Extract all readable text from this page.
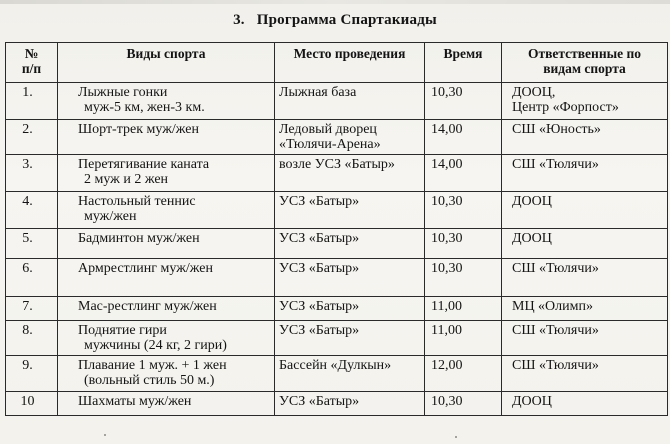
3. Программа Спартакиады
№
п/п	Виды спорта	Место проведения	Время	Ответственные по
видам спорта

1.	Лыжные гонки
муж-5 км, жен-3 км.	Лыжная база	10,30	ДООЦ,
Центр «Форпост»

2.	Шорт-трек муж/жен	Ледовый дворец
«Тюлячи-Арена»	14,00	СШ «Юность»

3.	Перетягивание каната
2 муж и 2 жен	возле УСЗ «Батыр»	14,00	СШ «Тюлячи»

4.	Настольный теннис
муж/жен	УСЗ «Батыр»	10,30	ДООЦ

5.	Бадминтон муж/жен	УСЗ «Батыр»	10,30	ДООЦ

6.	Армрестлинг муж/жен	УСЗ «Батыр»	10,30	СШ «Тюлячи»

7.	Мас-рестлинг муж/жен	УСЗ «Батыр»	11,00	МЦ «Олимп»

8.	Поднятие гири
мужчины (24 кг, 2 гири)	УСЗ «Батыр»	11,00	СШ «Тюлячи»

9.	Плавание 1 муж. + 1 жен
(вольный стиль 50 м.)	Бассейн «Дулкын»	12,00	СШ «Тюлячи»

10	Шахматы муж/жен	УСЗ «Батыр»	10,30	ДООЦ
